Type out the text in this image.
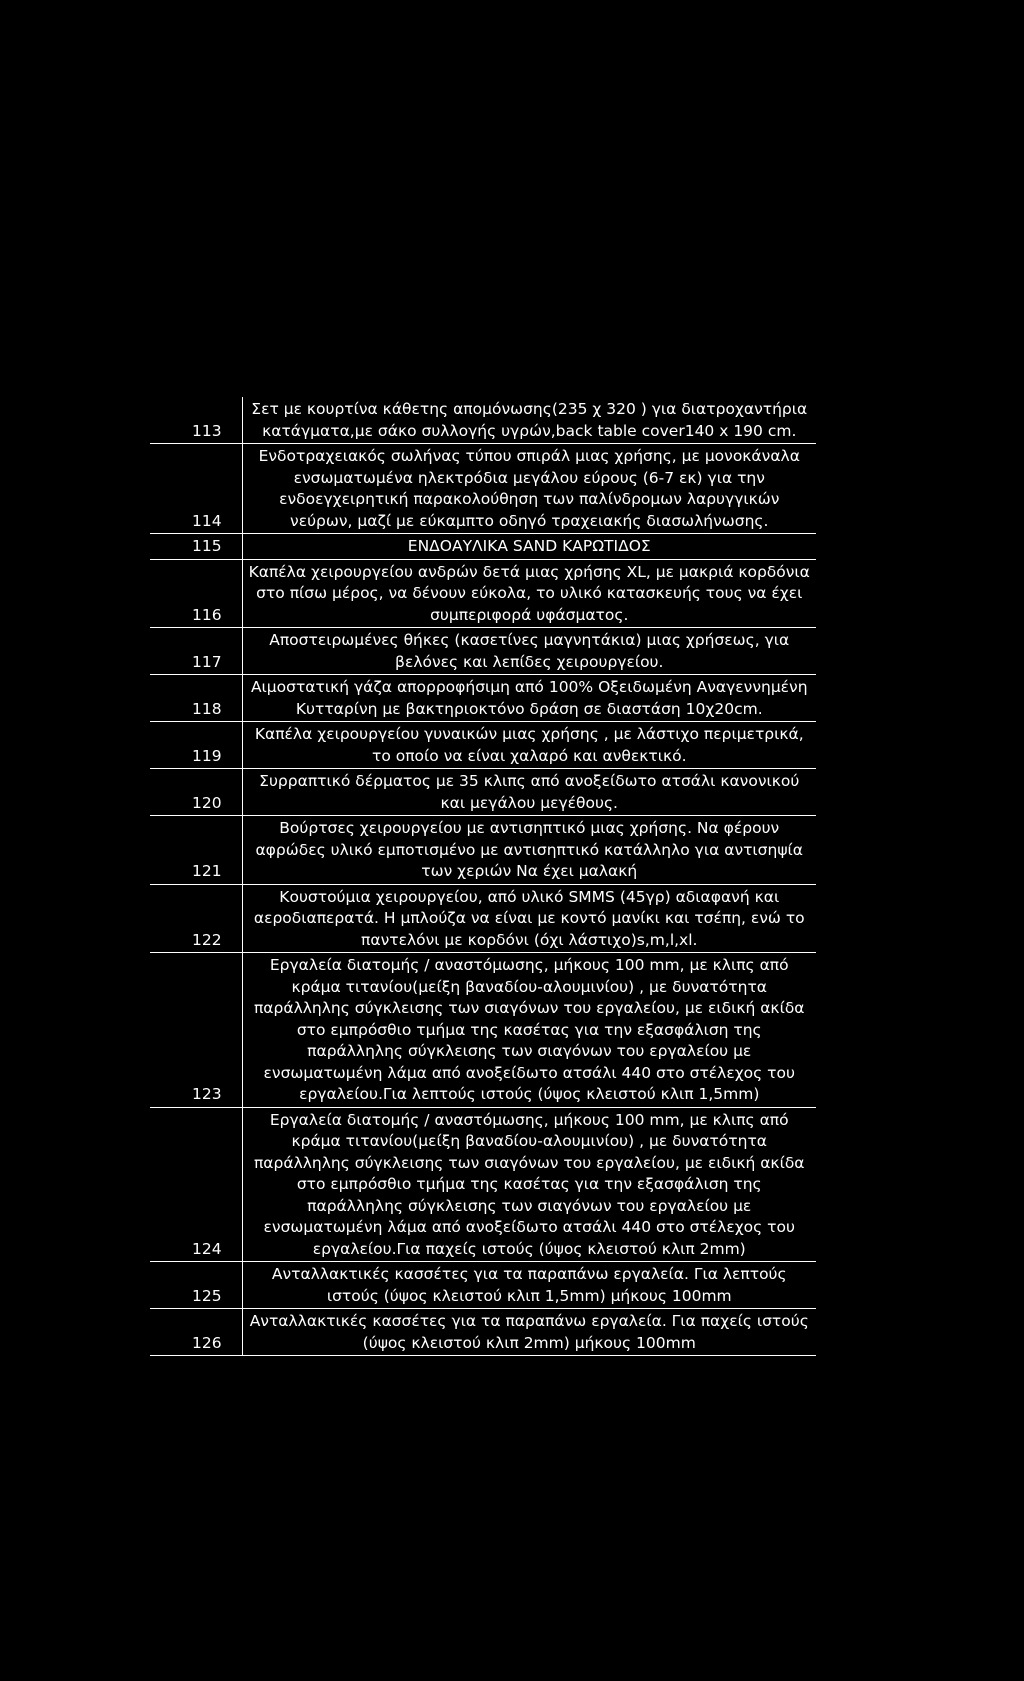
113	Σετ με κουρτίνα κάθετης απομόνωσης(235 χ 320 ) για διατροχαντήρια κατάγματα,με σάκο συλλογής υγρών,back table cover140 x 190 cm.
114	Ενδοτραχειακός σωλήνας τύπου σπιράλ μιας χρήσης, με μονοκάναλα ενσωματωμένα ηλεκτρόδια μεγάλου εύρους (6-7 εκ) για την ενδοεγχειρητική παρακολούθηση των παλίνδρομων λαρυγγικών νεύρων, μαζί με εύκαμπτο οδηγό τραχειακής διασωλήνωσης.
115	ΕΝΔΟΑΥΛΙΚΑ SAND ΚΑΡΩΤΙΔΟΣ
116	Καπέλα χειρουργείου ανδρών δετά μιας χρήσης XL, με μακριά κορδόνια στο πίσω μέρος, να δένουν εύκολα, το υλικό κατασκευής τους να έχει συμπεριφορά υφάσματος.
117	Αποστειρωμένες θήκες (κασετίνες μαγνητάκια) μιας χρήσεως, για βελόνες και λεπίδες χειρουργείου.
118	Αιμοστατική γάζα απορροφήσιμη από 100% Οξειδωμένη Αναγεννημένη Κυτταρίνη με βακτηριοκτόνο δράση σε διαστάση 10χ20cm.
119	Καπέλα χειρουργείου γυναικών μιας χρήσης , με λάστιχο περιμετρικά, το οποίο να είναι χαλαρό και ανθεκτικό.
120	Συρραπτικό δέρματος με 35 κλιπς από ανοξείδωτο ατσάλι κανονικού και μεγάλου μεγέθους.
121	Βούρτσες χειρουργείου με αντισηπτικό μιας χρήσης. Να φέρουν αφρώδες υλικό εμποτισμένο με αντισηπτικό κατάλληλο για αντισηψία των χεριών Να έχει μαλακή
122	Κουστούμια χειρουργείου, από υλικό SMMS (45γρ) αδιαφανή και αεροδιαπερατά. Η μπλούζα να είναι με κοντό μανίκι και τσέπη, ενώ το παντελόνι με κορδόνι (όχι λάστιχο)s,m,l,xl.
123	Εργαλεία διατομής / αναστόμωσης, μήκους 100 mm, με κλιπς από κράμα τιτανίου(μείξη βαναδίου-αλουμινίου) , με δυνατότητα παράλληλης σύγκλεισης των σιαγόνων του εργαλείου, με ειδική ακίδα στο εμπρόσθιο τμήμα της κασέτας για την εξασφάλιση της παράλληλης σύγκλεισης των σιαγόνων του εργαλείου με ενσωματωμένη λάμα από ανοξείδωτο ατσάλι 440 στο στέλεχος του εργαλείου.Για λεπτούς ιστούς (ύψος κλειστού κλιπ 1,5mm)
124	Εργαλεία διατομής / αναστόμωσης, μήκους 100 mm, με κλιπς από κράμα τιτανίου(μείξη βαναδίου-αλουμινίου) , με δυνατότητα παράλληλης σύγκλεισης των σιαγόνων του εργαλείου, με ειδική ακίδα στο εμπρόσθιο τμήμα της κασέτας για την εξασφάλιση της παράλληλης σύγκλεισης των σιαγόνων του εργαλείου με ενσωματωμένη λάμα από ανοξείδωτο ατσάλι 440 στο στέλεχος του εργαλείου.Για παχείς ιστούς (ύψος κλειστού κλιπ 2mm)
125	Ανταλλακτικές κασσέτες για τα παραπάνω εργαλεία. Για λεπτούς ιστούς (ύψος κλειστού κλιπ 1,5mm) μήκους 100mm
126	Ανταλλακτικές κασσέτες για τα παραπάνω εργαλεία. Για παχείς ιστούς (ύψος κλειστού κλιπ 2mm) μήκους 100mm
